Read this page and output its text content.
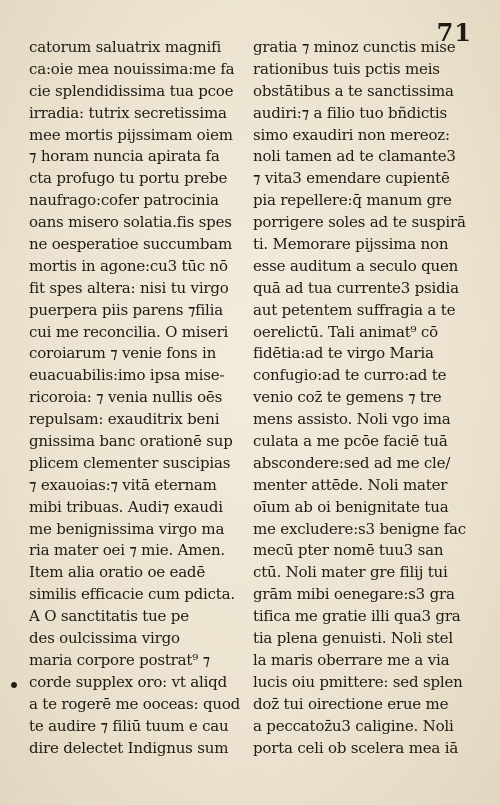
71
catorum saluatrix magnifi
ca:oie mea nouissima:me fa
cie splendidissima tua pcoe
irradia: tutrix secretissima
mee mortis pijssimam oiem
⁊ horam nuncia apirata fa
cta profugo tu portu prebe
naufrago:cofer patrocinia
oans misero solatia.fis spes
ne oesperatioe succumbam
mortis in agone:cu3 tūc nō
fit spes altera: nisi tu virgo
puerpera piis parens ⁊filia
cui me reconcilia. O miseri
coroiarum ⁊ venie fons in
euacuabilis:imo ipsa mise-
ricoroia: ⁊ venia nullis oēs
repulsam: exauditrix beni
gnissima banc orationē sup
plicem clementer suscipias
⁊ exauoias:⁊ vitā eternam
mibi tribuas. Audi⁊ exaudi
me benignissima virgo ma
ria mater oei ⁊ mie. Amen.
Item alia oratio oe eadē
similis efficacie cum pdicta.
A O sanctitatis tue pe
des oulcissima virgo
maria corpore postrat⁹ ⁊
corde supplex oro: vt aliqd
a te rogerē me ooceas: quod
te audire ⁊ filiū tuum e cau
dire delectet Indignus sum
gratia ⁊ minoz cunctis mise
rationibus tuis pctis meis
obstātibus a te sanctissima
audiri:⁊ a filio tuo bñdictis
simo exaudiri non mereoz:
noli tamen ad te clamante3
⁊ vita3 emendare cupientē
pia repellere:q̄ manum gre
porrigere soles ad te suspirā
ti. Memorare pijssima non
esse auditum a seculo quen
quā ad tua currente3 psidia
aut petentem suffragia a te
oerelictū. Tali animat⁹ cō
fidētia:ad te virgo Maria
confugio:ad te curro:ad te
venio coz̄ te gemens ⁊ tre
mens assisto. Noli vgo ima
culata a me pcōe faciē tuā
abscondere:sed ad me cle/
menter attēde. Noli mater
oīum ab oi benignitate tua
me excludere:s3 benigne fac
mecū pter nomē tuu3 san
ctū. Noli mater gre filij tui
grām mibi oenegare:s3 gra
tifica me gratie illi qua3 gra
tia plena genuisti. Noli stel
la maris oberrare me a via
lucis oiu pmittere: sed splen
doz̄ tui oirectione erue me
a peccatoz̄u3 caligine. Noli
porta celi ob scelera mea iā
